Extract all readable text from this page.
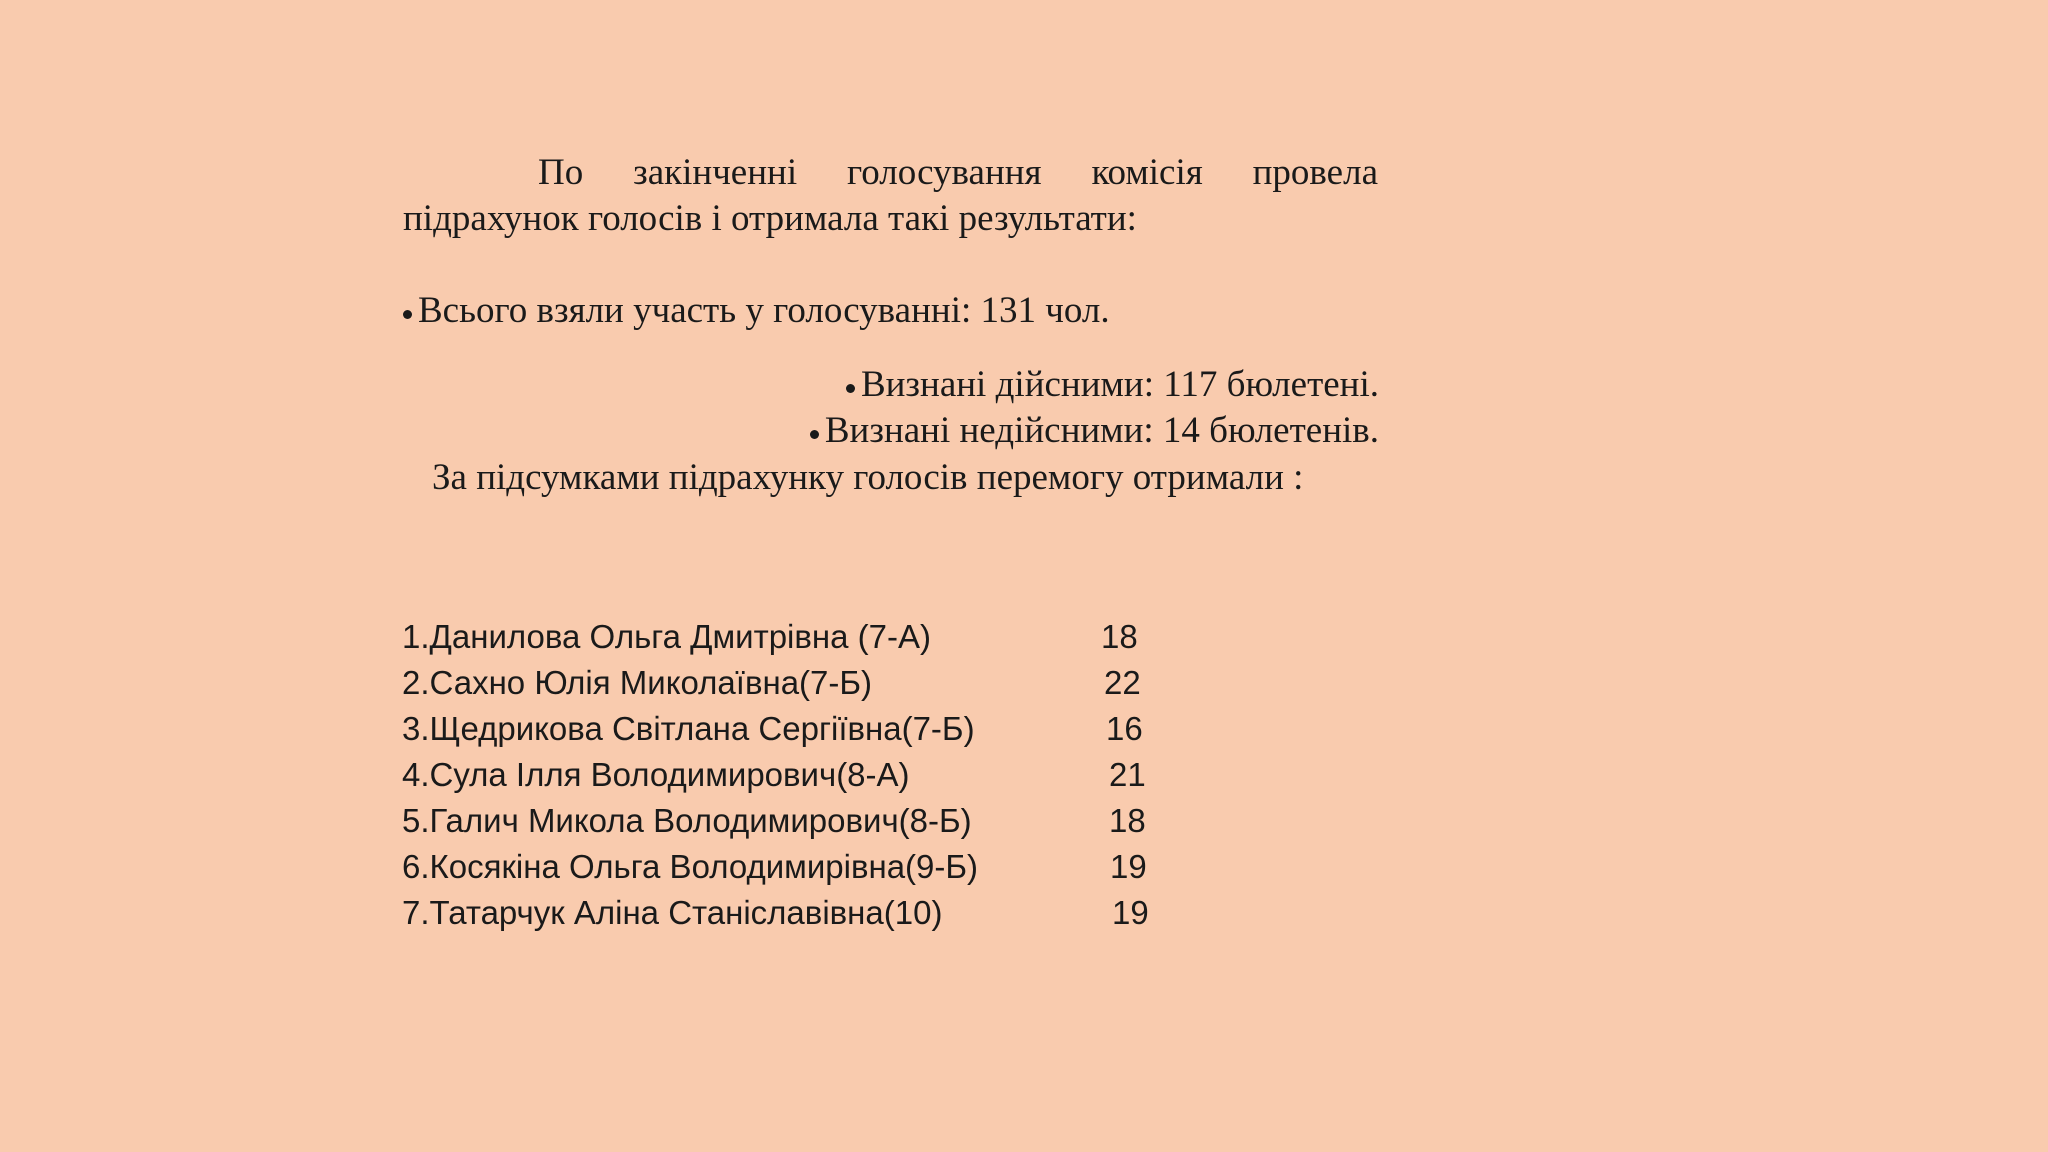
По закінченні голосування комісія провела
підрахунок голосів і отримала такі результати:
Всього взяли участь у голосуванні: 131 чол.
Визнані дійсними: 117 бюлетені.
Визнані недійсними: 14 бюлетенів.
За підсумками підрахунку голосів перемогу отримали :
1.Данилова Ольга Дмитрівна (7-А)	18
2.Сахно Юлія Миколаївна(7-Б)	22
3.Щедрикова Світлана Сергіївна(7-Б)	16
4.Сула Ілля Володимирович(8-А)	21
5.Галич Микола Володимирович(8-Б)	18
6.Косякіна Ольга Володимирівна(9-Б)	19
7.Татарчук Аліна Станіславівна(10)	19
